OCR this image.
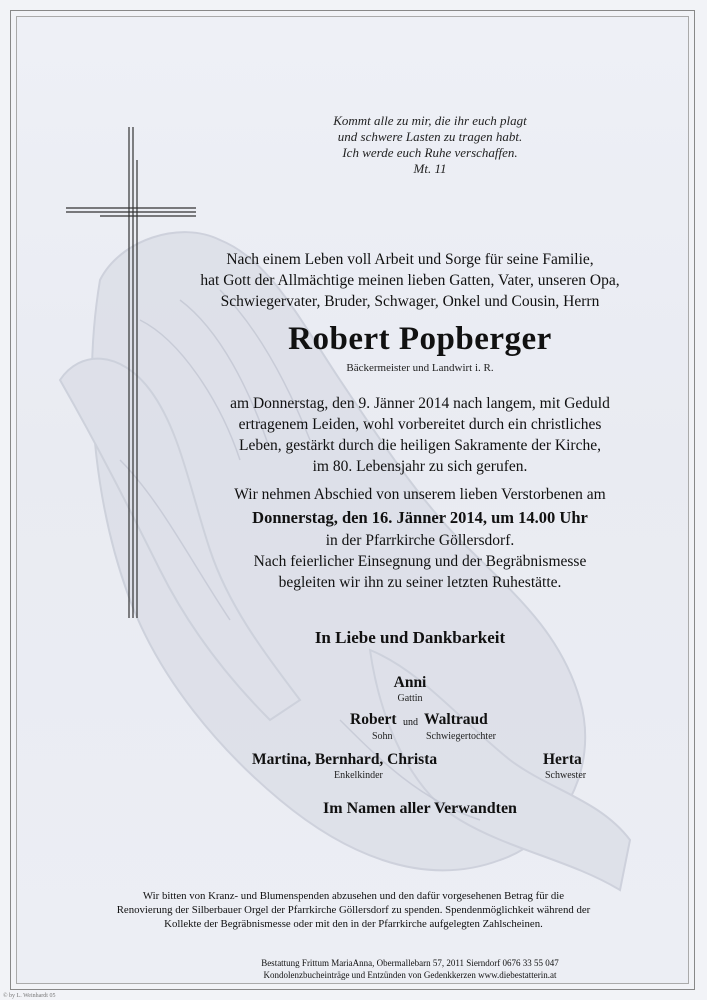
Kommt alle zu mir, die ihr euch plagt
und schwere Lasten zu tragen habt.
Ich werde euch Ruhe verschaffen.
Mt. 11
Nach einem Leben voll Arbeit und Sorge für seine Familie,
hat Gott der Allmächtige meinen lieben Gatten, Vater, unseren Opa,
Schwiegervater, Bruder, Schwager, Onkel und Cousin, Herrn
Robert Popberger
Bäckermeister und Landwirt i. R.
am Donnerstag, den 9. Jänner 2014 nach langem, mit Geduld
ertragenem Leiden, wohl vorbereitet durch ein christliches
Leben, gestärkt durch die heiligen Sakramente der Kirche,
im 80. Lebensjahr zu sich gerufen.
Wir nehmen Abschied von unserem lieben Verstorbenen am
Donnerstag, den 16. Jänner 2014, um 14.00 Uhr
in der Pfarrkirche Göllersdorf.
Nach feierlicher Einsegnung und der Begräbnismesse
begleiten wir ihn zu seiner letzten Ruhestätte.
In Liebe und Dankbarkeit
Anni
Gattin
Robert und Waltraud
Sohn	Schwiegertochter
Martina, Bernhard, Christa
Enkelkinder
Herta
Schwester
Im Namen aller Verwandten
Wir bitten von Kranz- und Blumenspenden abzusehen und den dafür vorgesehenen Betrag für die
Renovierung der Silberbauer Orgel der Pfarrkirche Göllersdorf zu spenden. Spendenmöglichkeit während der
Kollekte der Begräbnismesse oder mit den in der Pfarrkirche aufgelegten Zahlscheinen.
Bestattung Frittum MariaAnna, Obermallebarn 57, 2011 Sierndorf 0676 33 55 047
Kondolenzbucheinträge und Entzünden von Gedenkkerzen www.diebestatterin.at
© by L. Weinhardt 05
